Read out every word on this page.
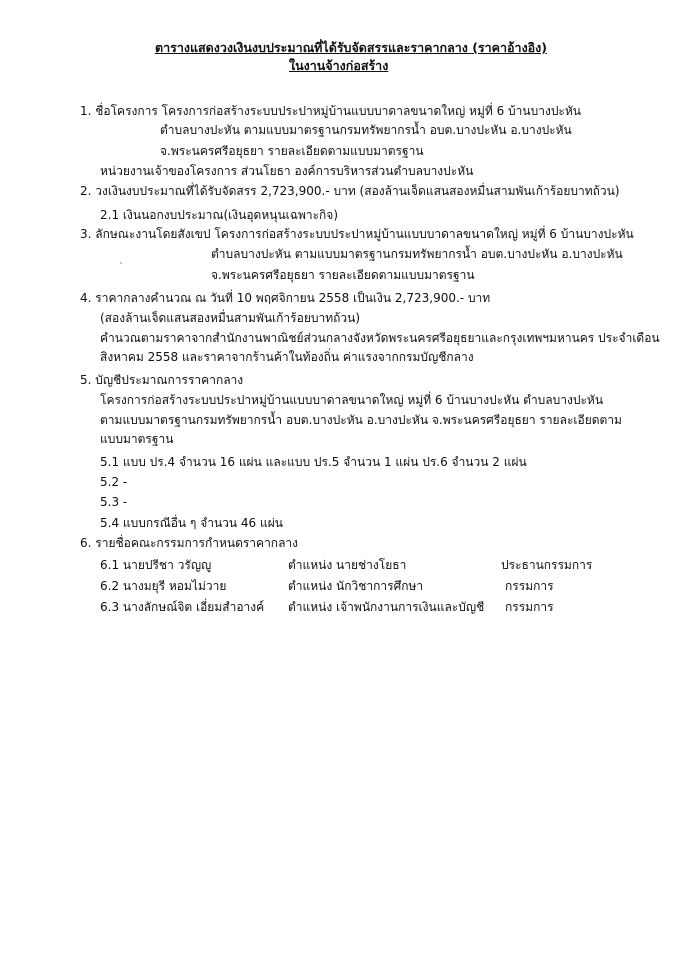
ตารางแสดงวงเงินงบประมาณที่ได้รับจัดสรรและราคากลาง (ราคาอ้างอิง)
ในงานจ้างก่อสร้าง
1. ชื่อโครงการ โครงการก่อสร้างระบบประปาหมู่บ้านแบบบาดาลขนาดใหญ่ หมู่ที่ 6 บ้านบางปะหัน
ตำบลบางปะหัน ตามแบบมาตรฐานกรมทรัพยากรน้ำ อบต.บางปะหัน อ.บางปะหัน
จ.พระนครศรีอยุธยา รายละเอียดตามแบบมาตรฐาน
หน่วยงานเจ้าของโครงการ ส่วนโยธา องค์การบริหารส่วนตำบลบางปะหัน
2. วงเงินงบประมาณที่ได้รับจัดสรร 2,723,900.- บาท (สองล้านเจ็ดแสนสองหมื่นสามพันเก้าร้อยบาทถ้วน)
2.1 เงินนอกงบประมาณ(เงินอุดหนุนเฉพาะกิจ)
3. ลักษณะงานโดยสังเขป โครงการก่อสร้างระบบประปาหมู่บ้านแบบบาดาลขนาดใหญ่ หมู่ที่ 6 บ้านบางปะหัน
ตำบลบางปะหัน ตามแบบมาตรฐานกรมทรัพยากรน้ำ อบต.บางปะหัน อ.บางปะหัน
จ.พระนครศรีอยุธยา รายละเอียดตามแบบมาตรฐาน
4. ราคากลางคำนวณ ณ วันที่ 10 พฤศจิกายน 2558 เป็นเงิน 2,723,900.- บาท
(สองล้านเจ็ดแสนสองหมื่นสามพันเก้าร้อยบาทถ้วน)
คำนวณตามราคาจากสำนักงานพาณิชย์ส่วนกลางจังหวัดพระนครศรีอยุธยาและกรุงเทพฯมหานคร ประจำเดือน
สิงหาคม 2558 และราคาจากร้านค้าในท้องถิ่น ค่าแรงจากกรมบัญชีกลาง
5. บัญชีประมาณการราคากลาง
โครงการก่อสร้างระบบประปาหมู่บ้านแบบบาดาลขนาดใหญ่ หมู่ที่ 6 บ้านบางปะหัน ตำบลบางปะหัน
ตามแบบมาตรฐานกรมทรัพยากรน้ำ อบต.บางปะหัน อ.บางปะหัน จ.พระนครศรีอยุธยา รายละเอียดตาม
แบบมาตรฐาน
5.1 แบบ ปร.4 จำนวน 16 แผ่น และแบบ ปร.5 จำนวน 1 แผ่น ปร.6 จำนวน 2 แผ่น
5.2 -
5.3 -
5.4 แบบกรณีอื่น ๆ จำนวน 46 แผ่น
6. รายชื่อคณะกรรมการกำหนดราคากลาง
6.1 นายปรีชา วรัญญู	ตำแหน่ง นายช่างโยธา	ประธานกรรมการ
6.2 นางมยุรี หอมไม่วาย	ตำแหน่ง นักวิชาการศึกษา	กรรมการ
6.3 นางลักษณ์จิต เอี่ยมสำอางค์ ตำแหน่ง เจ้าพนักงานการเงินและบัญชี กรรมการ
